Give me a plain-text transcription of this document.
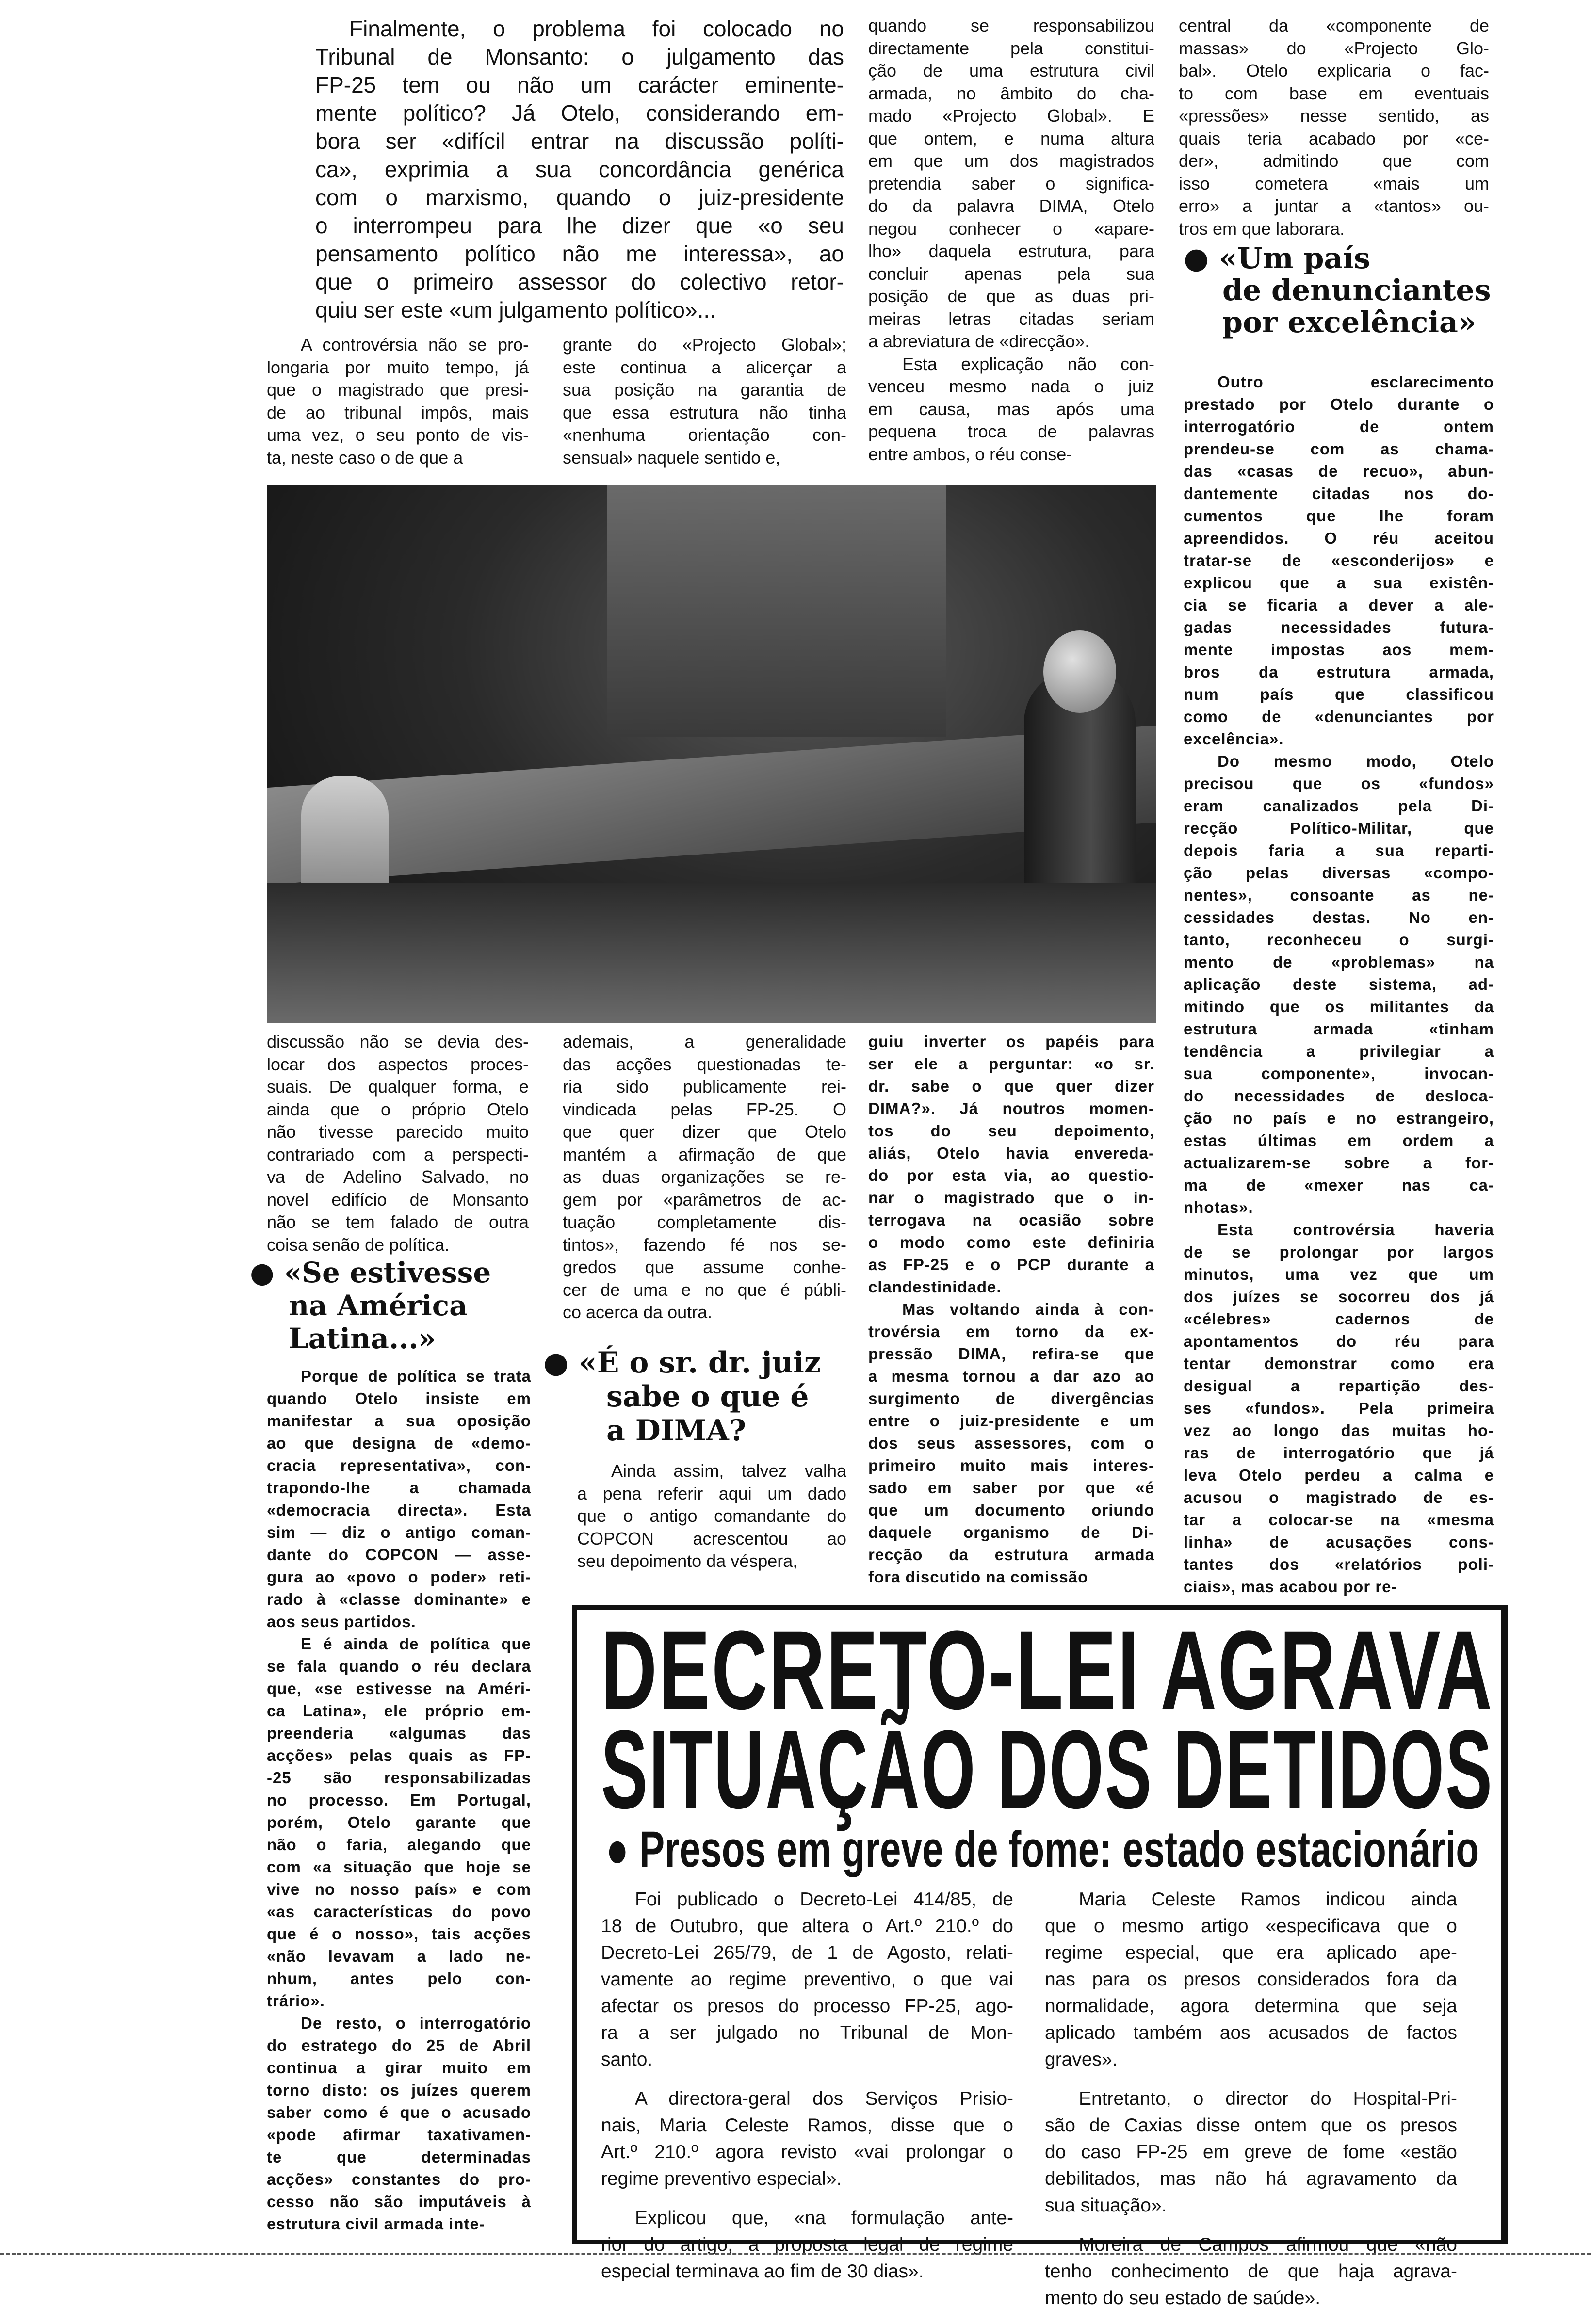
Finalmente, o problema foi colocado no
Tribunal de Monsanto: o julgamento das
FP-25 tem ou não um carácter eminente-
mente político? Já Otelo, considerando em-
bora ser «difícil entrar na discussão políti-
ca», exprimia a sua concordância genérica
com o marxismo, quando o juiz-presidente
o interrompeu para lhe dizer que «o seu
pensamento político não me interessa», ao
que o primeiro assessor do colectivo retor-
quiu ser este «um julgamento político»...
A controvérsia não se pro-
longaria por muito tempo, já
que o magistrado que presi-
de ao tribunal impôs, mais
uma vez, o seu ponto de vis-
ta, neste caso o de que a
grante do «Projecto Global»;
este continua a alicerçar a
sua posição na garantia de
que essa estrutura não tinha
«nenhuma orientação con-
sensual» naquele sentido e,
quando se responsabilizou
directamente pela constitui-
ção de uma estrutura civil
armada, no âmbito do cha-
mado «Projecto Global». E
que ontem, e numa altura
em que um dos magistrados
pretendia saber o significa-
do da palavra DIMA, Otelo
negou conhecer o «apare-
lho» daquela estrutura, para
concluir apenas pela sua
posição de que as duas pri-
meiras letras citadas seriam
a abreviatura de «direcção».
Esta explicação não con-
venceu mesmo nada o juiz
em causa, mas após uma
pequena troca de palavras
entre ambos, o réu conse-
central da «componente de
massas» do «Projecto Glo-
bal». Otelo explicaria o fac-
to com base em eventuais
«pressões» nesse sentido, as
quais teria acabado por «ce-
der», admitindo que com
isso cometera «mais um
erro» a juntar a «tantos» ou-
tros em que laborara.
● «Um país
de denunciantes
por excelência»
Outro esclarecimento
prestado por Otelo durante o
interrogatório de ontem
prendeu-se com as chama-
das «casas de recuo», abun-
dantemente citadas nos do-
cumentos que lhe foram
apreendidos. O réu aceitou
tratar-se de «esconderijos» e
explicou que a sua existên-
cia se ficaria a dever a ale-
gadas necessidades futura-
mente impostas aos mem-
bros da estrutura armada,
num país que classificou
como de «denunciantes por
excelência».
Do mesmo modo, Otelo
precisou que os «fundos»
eram canalizados pela Di-
recção Político-Militar, que
depois faria a sua reparti-
ção pelas diversas «compo-
nentes», consoante as ne-
cessidades destas. No en-
tanto, reconheceu o surgi-
mento de «problemas» na
aplicação deste sistema, ad-
mitindo que os militantes da
estrutura armada «tinham
tendência a privilegiar a
sua componente», invocan-
do necessidades de desloca-
ção no país e no estrangeiro,
estas últimas em ordem a
actualizarem-se sobre a for-
ma de «mexer nas ca-
nhotas».
Esta controvérsia haveria
de se prolongar por largos
minutos, uma vez que um
dos juízes se socorreu dos já
«célebres» cadernos de
apontamentos do réu para
tentar demonstrar como era
desigual a repartição des-
ses «fundos». Pela primeira
vez ao longo das muitas ho-
ras de interrogatório que já
leva Otelo perdeu a calma e
acusou o magistrado de es-
tar a colocar-se na «mesma
linha» de acusações cons-
tantes dos «relatórios poli-
ciais», mas acabou por re-
discussão não se devia des-
locar dos aspectos proces-
suais. De qualquer forma, e
ainda que o próprio Otelo
não tivesse parecido muito
contrariado com a perspecti-
va de Adelino Salvado, no
novel edifício de Monsanto
não se tem falado de outra
coisa senão de política.
● «Se estivesse
na América
Latina...»
Porque de política se trata
quando Otelo insiste em
manifestar a sua oposição
ao que designa de «demo-
cracia representativa», con-
trapondo-lhe a chamada
«democracia directa». Esta
sim — diz o antigo coman-
dante do COPCON — asse-
gura ao «povo o poder» reti-
rado à «classe dominante» e
aos seus partidos.
E é ainda de política que
se fala quando o réu declara
que, «se estivesse na Améri-
ca Latina», ele próprio em-
preenderia «algumas das
acções» pelas quais as FP-
-25 são responsabilizadas
no processo. Em Portugal,
porém, Otelo garante que
não o faria, alegando que
com «a situação que hoje se
vive no nosso país» e com
«as características do povo
que é o nosso», tais acções
«não levavam a lado ne-
nhum, antes pelo con-
trário».
De resto, o interrogatório
do estratego do 25 de Abril
continua a girar muito em
torno disto: os juízes querem
saber como é que o acusado
«pode afirmar taxativamen-
te que determinadas
acções» constantes do pro-
cesso não são imputáveis à
estrutura civil armada inte-
ademais, a generalidade
das acções questionadas te-
ria sido publicamente rei-
vindicada pelas FP-25. O
que quer dizer que Otelo
mantém a afirmação de que
as duas organizações se re-
gem por «parâmetros de ac-
tuação completamente dis-
tintos», fazendo fé nos se-
gredos que assume conhe-
cer de uma e no que é públi-
co acerca da outra.
● «É o sr. dr. juiz
sabe o que é
a DIMA?
Ainda assim, talvez valha
a pena referir aqui um dado
que o antigo comandante do
COPCON acrescentou ao
seu depoimento da véspera,
guiu inverter os papéis para
ser ele a perguntar: «o sr.
dr. sabe o que quer dizer
DIMA?». Já noutros momen-
tos do seu depoimento,
aliás, Otelo havia envereda-
do por esta via, ao questio-
nar o magistrado que o in-
terrogava na ocasião sobre
o modo como este definiria
as FP-25 e o PCP durante a
clandestinidade.
Mas voltando ainda à con-
trovérsia em torno da ex-
pressão DIMA, refira-se que
a mesma tornou a dar azo ao
surgimento de divergências
entre o juiz-presidente e um
dos seus assessores, com o
primeiro muito mais interes-
sado em saber por que «é
que um documento oriundo
daquele organismo de Di-
recção da estrutura armada
fora discutido na comissão
DECRETO-LEI AGRAVA
SITUAÇÃO DOS DETIDOS
● Presos em greve de fome: estado estacionário
Foi publicado o Decreto-Lei 414/85, de
18 de Outubro, que altera o Art.º 210.º do
Decreto-Lei 265/79, de 1 de Agosto, relati-
vamente ao regime preventivo, o que vai
afectar os presos do processo FP-25, ago-
ra a ser julgado no Tribunal de Mon-
santo.
A directora-geral dos Serviços Prisio-
nais, Maria Celeste Ramos, disse que o
Art.º 210.º agora revisto «vai prolongar o
regime preventivo especial».
Explicou que, «na formulação ante-
rior do artigo, a proposta legal de regime
especial terminava ao fim de 30 dias».
Maria Celeste Ramos indicou ainda
que o mesmo artigo «especificava que o
regime especial, que era aplicado ape-
nas para os presos considerados fora da
normalidade, agora determina que seja
aplicado também aos acusados de factos
graves».
Entretanto, o director do Hospital-Pri-
são de Caxias disse ontem que os presos
do caso FP-25 em greve de fome «estão
debilitados, mas não há agravamento da
sua situação».
Moreira de Campos afirmou que «não
tenho conhecimento de que haja agrava-
mento do seu estado de saúde».
